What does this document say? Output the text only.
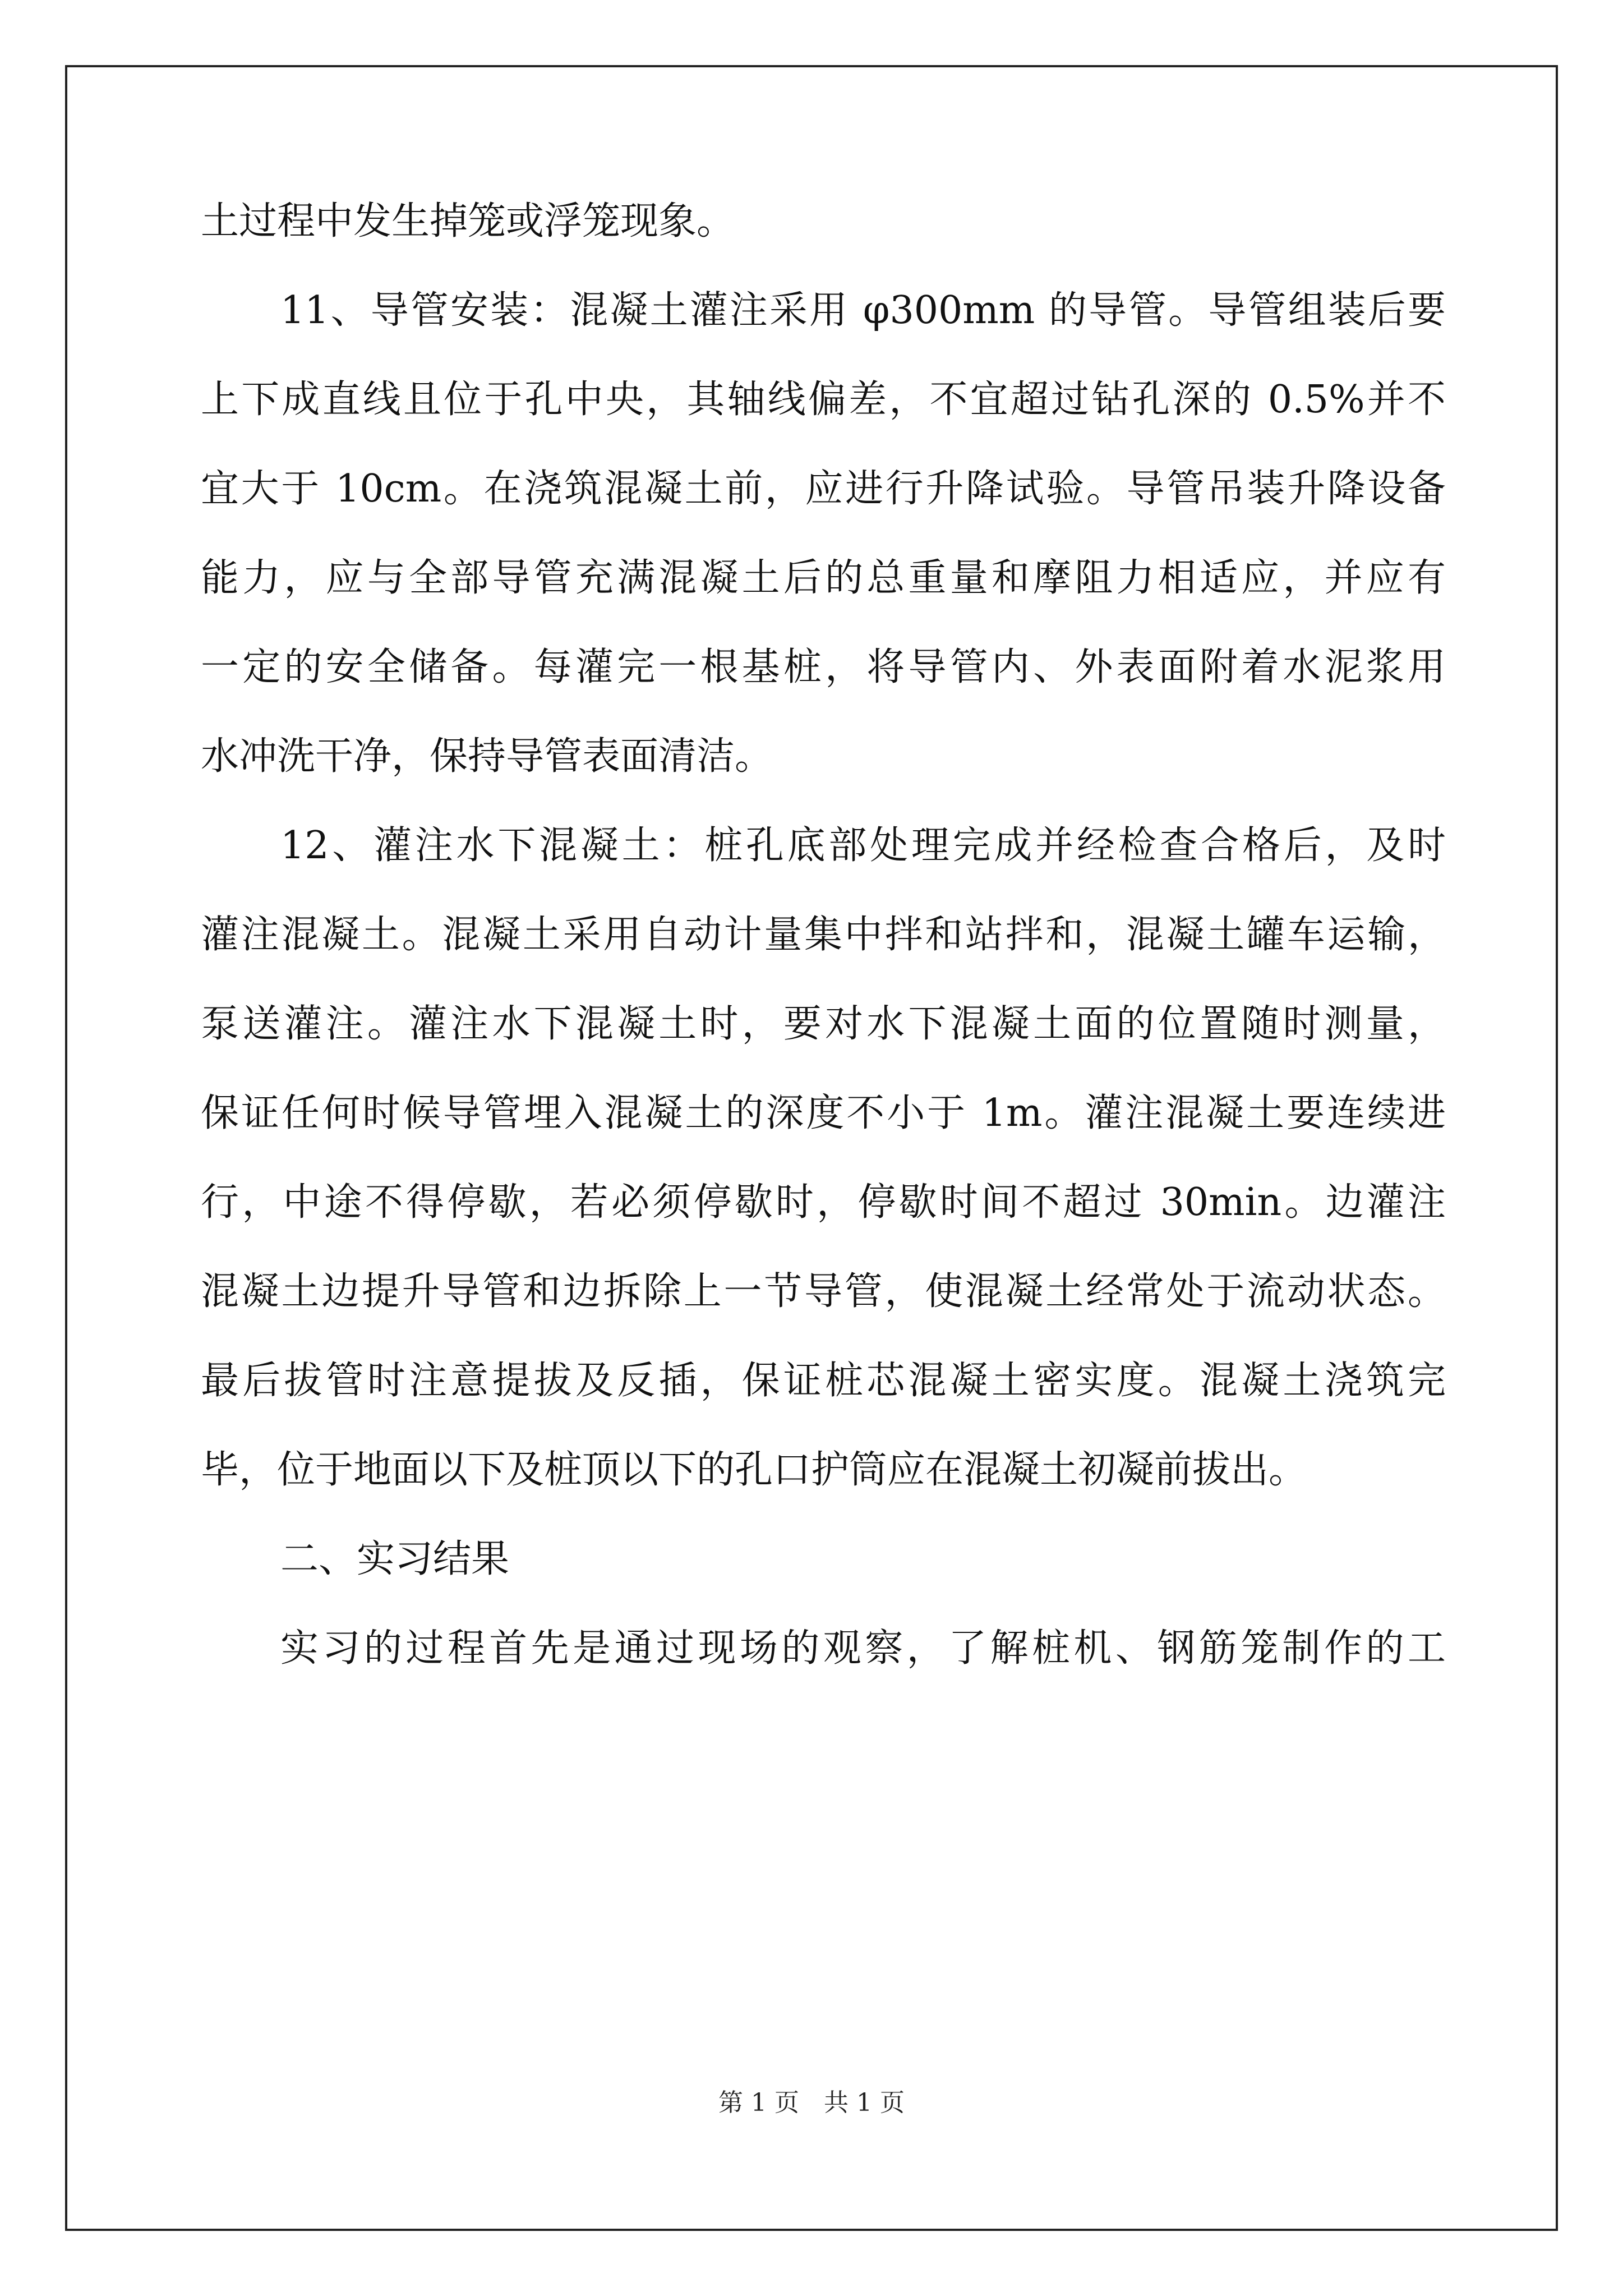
土过程中发生掉笼或浮笼现象。
11、导管安装：混凝土灌注采用 φ300mm 的导管。导管组装后要
上下成直线且位于孔中央，其轴线偏差，不宜超过钻孔深的 0.5%并不
宜大于 10cm。在浇筑混凝土前，应进行升降试验。导管吊装升降设备
能力，应与全部导管充满混凝土后的总重量和摩阻力相适应，并应有
一定的安全储备。每灌完一根基桩，将导管内、外表面附着水泥浆用
水冲洗干净，保持导管表面清洁。
12、灌注水下混凝土：桩孔底部处理完成并经检查合格后，及时
灌注混凝土。混凝土采用自动计量集中拌和站拌和，混凝土罐车运输，
泵送灌注。灌注水下混凝土时，要对水下混凝土面的位置随时测量，
保证任何时候导管埋入混凝土的深度不小于 1m。灌注混凝土要连续进
行，中途不得停歇，若必须停歇时，停歇时间不超过 30min。边灌注
混凝土边提升导管和边拆除上一节导管，使混凝土经常处于流动状态。
最后拔管时注意提拔及反插，保证桩芯混凝土密实度。混凝土浇筑完
毕，位于地面以下及桩顶以下的孔口护筒应在混凝土初凝前拔出。
二、实习结果
实习的过程首先是通过现场的观察，了解桩机、钢筋笼制作的工
第 1 页　共 1 页
